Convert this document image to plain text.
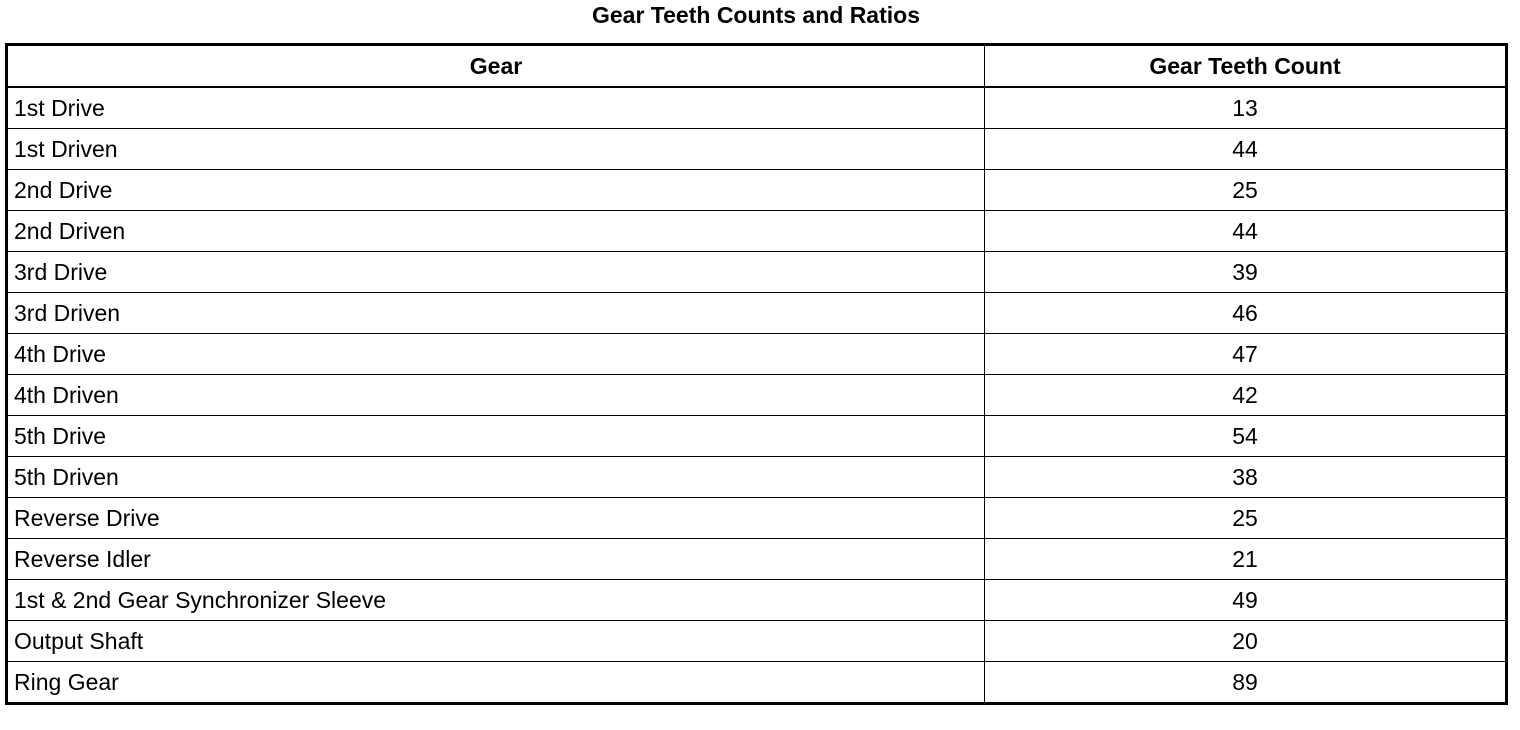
Gear Teeth Counts and Ratios
Gear	Gear Teeth Count
1st Drive	13
1st Driven	44
2nd Drive	25
2nd Driven	44
3rd Drive	39
3rd Driven	46
4th Drive	47
4th Driven	42
5th Drive	54
5th Driven	38
Reverse Drive	25
Reverse Idler	21
1st & 2nd Gear Synchronizer Sleeve	49
Output Shaft	20
Ring Gear	89
